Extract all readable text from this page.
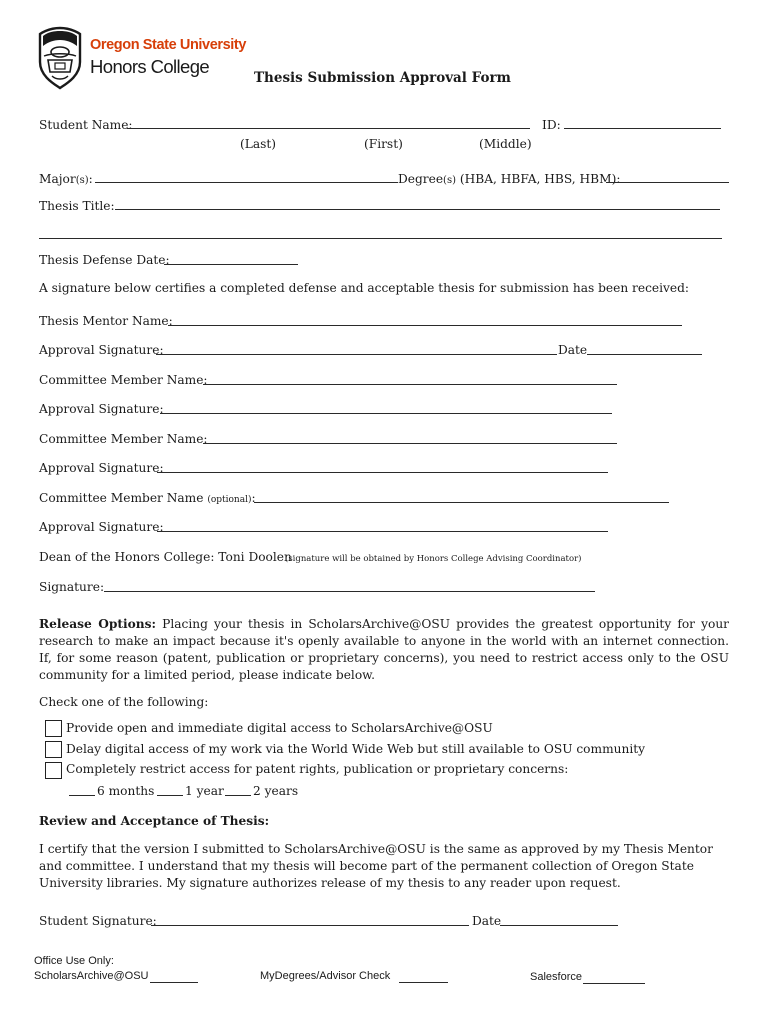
Oregon State University
Honors College
Thesis Submission Approval Form
Student Name:	ID:
(Last)	(First)	(Middle)
Major(s):	Degree(s) (HBA, HBFA, HBS, HBM):
Thesis Title:
Thesis Defense Date:
A signature below certifies a completed defense and acceptable thesis for submission has been received:
Thesis Mentor Name:
Approval Signature:	Date
Committee Member Name:
Approval Signature:
Committee Member Name:
Approval Signature:
Committee Member Name (optional):
Approval Signature:
Dean of the Honors College: Toni Doolen
(signature will be obtained by Honors College Advising Coordinator)
Signature:
Release Options: Placing your thesis in ScholarsArchive@OSU provides the greatest opportunity for your research to make an impact because it's openly available to anyone in the world with an internet connection. If, for some reason (patent, publication or proprietary concerns), you need to restrict access only to the OSU community for a limited period, please indicate below.
Check one of the following:
Provide open and immediate digital access to ScholarsArchive@OSU
Delay digital access of my work via the World Wide Web but still available to OSU community
Completely restrict access for patent rights, publication or proprietary concerns:
6 months	1 year 2 years
Review and Acceptance of Thesis:
I certify that the version I submitted to ScholarsArchive@OSU is the same as approved by my Thesis Mentor and committee. I understand that my thesis will become part of the permanent collection of Oregon State University libraries. My signature authorizes release of my thesis to any reader upon request.
Student Signature:	Date
Office Use Only:
ScholarsArchive@OSU	MyDegrees/Advisor Check	Salesforce
